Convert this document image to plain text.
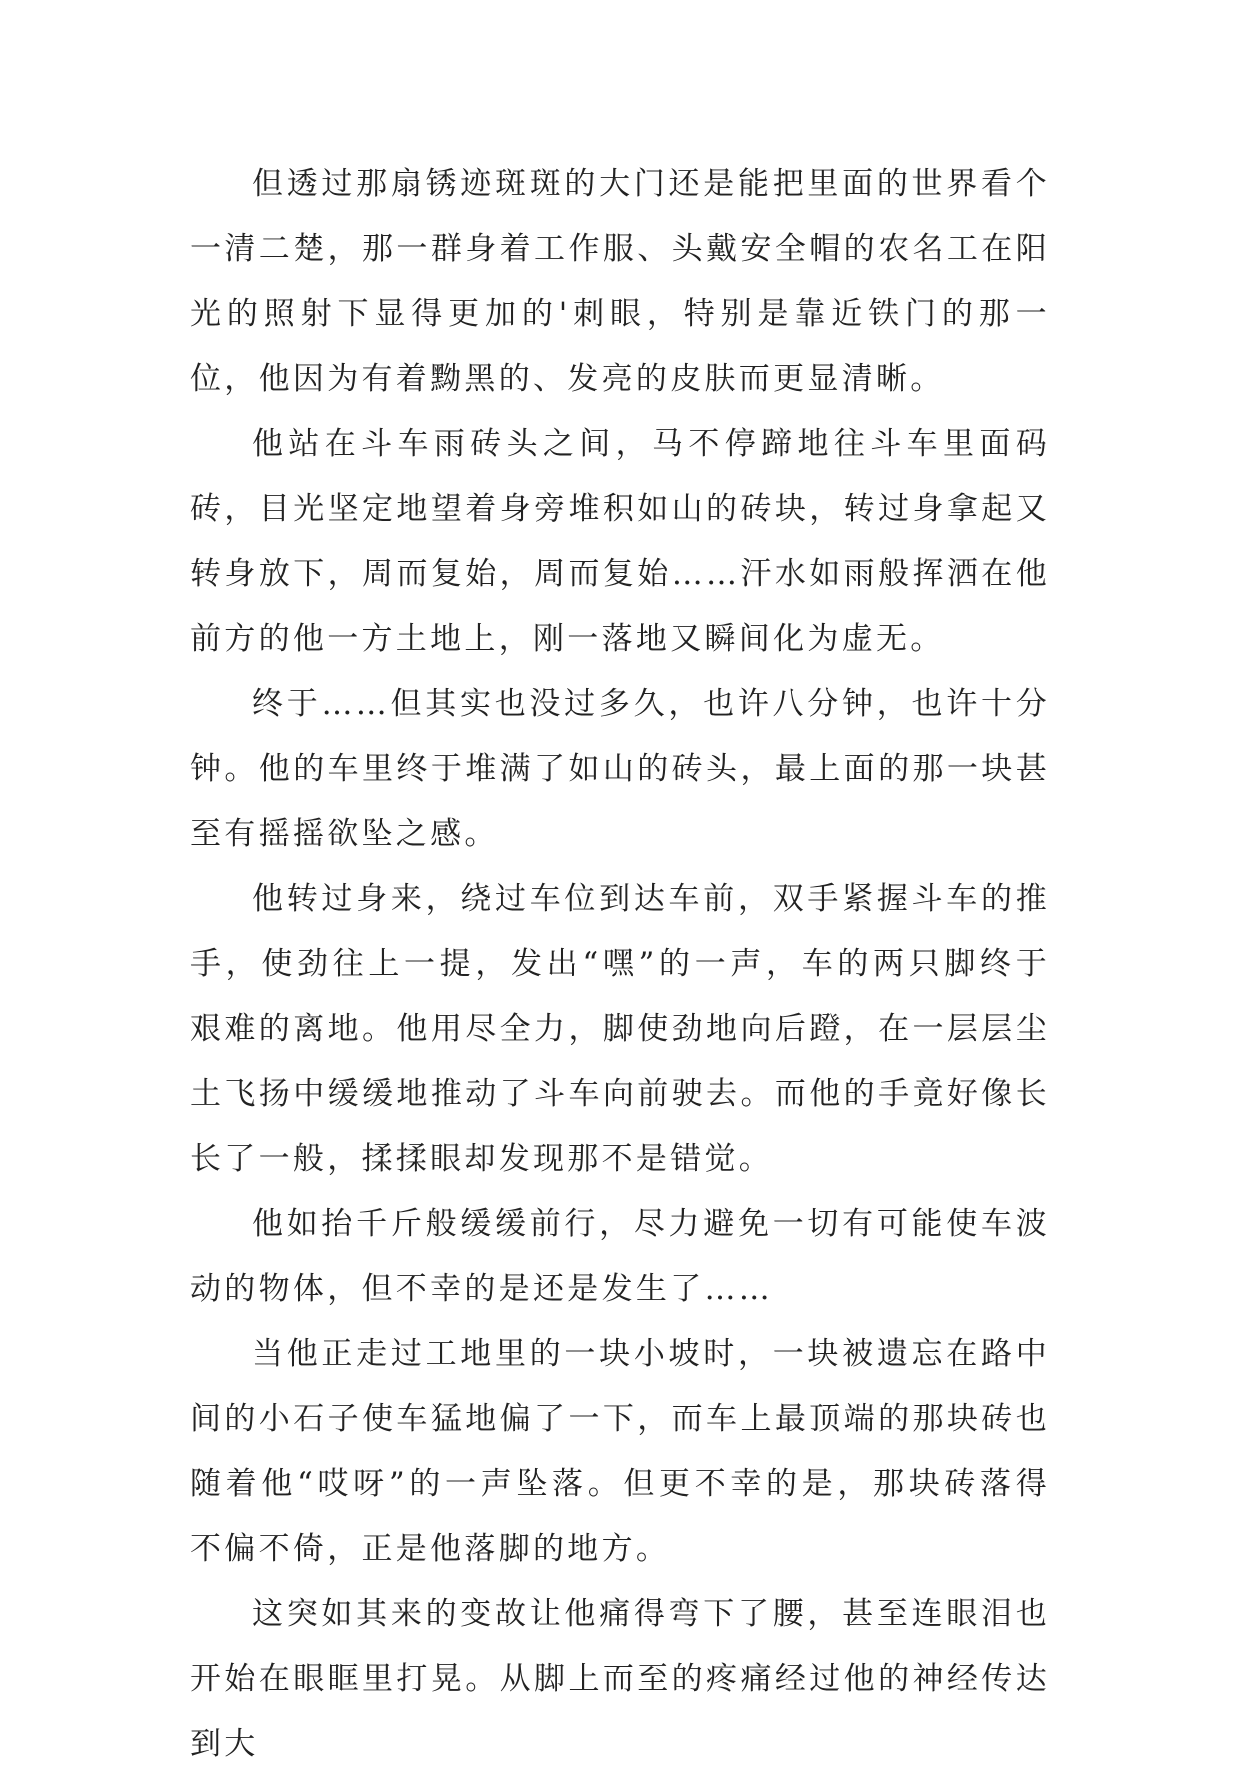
但透过那扇锈迹斑斑的大门还是能把里面的世界看个一清二楚，那一群身着工作服、头戴安全帽的农名工在阳光的照射下显得更加的'刺眼，特别是靠近铁门的那一位，他因为有着黝黑的、发亮的皮肤而更显清晰。

他站在斗车雨砖头之间，马不停蹄地往斗车里面码砖，目光坚定地望着身旁堆积如山的砖块，转过身拿起又转身放下，周而复始，周而复始……汗水如雨般挥洒在他前方的他一方土地上，刚一落地又瞬间化为虚无。

终于……但其实也没过多久，也许八分钟，也许十分钟。他的车里终于堆满了如山的砖头，最上面的那一块甚至有摇摇欲坠之感。

他转过身来，绕过车位到达车前，双手紧握斗车的推手，使劲往上一提，发出“嘿”的一声，车的两只脚终于艰难的离地。他用尽全力，脚使劲地向后蹬，在一层层尘土飞扬中缓缓地推动了斗车向前驶去。而他的手竟好像长长了一般，揉揉眼却发现那不是错觉。

他如抬千斤般缓缓前行，尽力避免一切有可能使车波动的物体，但不幸的是还是发生了……

当他正走过工地里的一块小坡时，一块被遗忘在路中间的小石子使车猛地偏了一下，而车上最顶端的那块砖也随着他“哎呀”的一声坠落。但更不幸的是，那块砖落得不偏不倚，正是他落脚的地方。

这突如其来的变故让他痛得弯下了腰，甚至连眼泪也开始在眼眶里打晃。从脚上而至的疼痛经过他的神经传达到大
